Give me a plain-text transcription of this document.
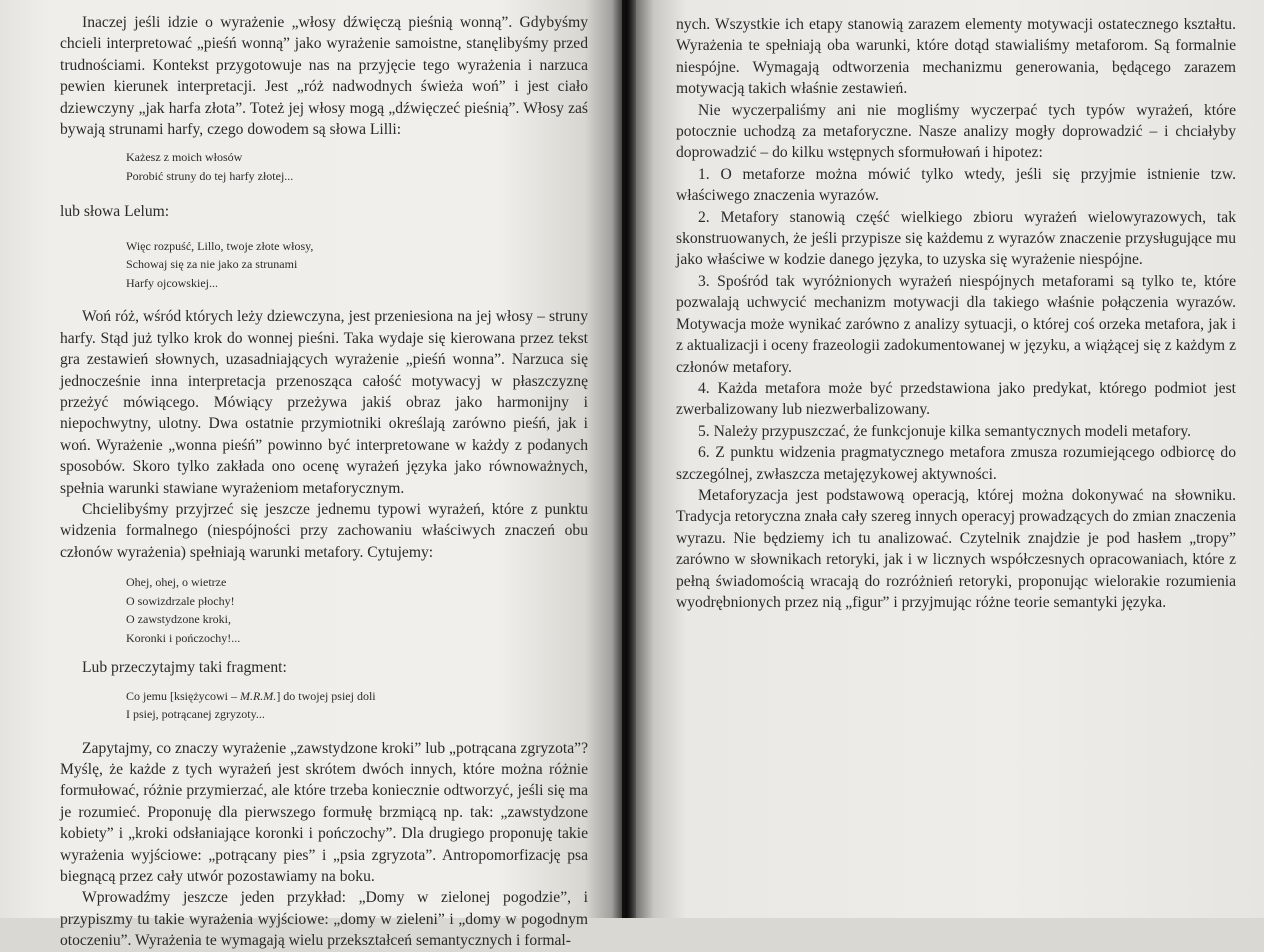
Inaczej jeśli idzie o wyrażenie „włosy dźwięczą pieśnią wonną”. Gdybyśmy chcieli interpretować „pieśń wonną” jako wyrażenie samoistne, stanęlibyśmy przed trudnościami. Kontekst przygotowuje nas na przyjęcie tego wyrażenia i narzuca pewien kierunek interpretacji. Jest „róż nadwodnych świeża woń” i jest ciało dziewczyny „jak harfa złota”. Toteż jej włosy mogą „dźwięczeć pieśnią”. Włosy zaś bywają strunami harfy, czego dowodem są słowa Lilli:

Każesz z moich włosów
Porobić struny do tej harfy złotej...
lub słowa Lelum:
Więc rozpuść, Lillo, twoje złote włosy,
Schowaj się za nie jako za strunami
Harfy ojcowskiej...

Woń róż, wśród których leży dziewczyna, jest przeniesiona na jej włosy – struny harfy. Stąd już tylko krok do wonnej pieśni. Taka wydaje się kierowana przez tekst gra zestawień słownych, uzasadniających wyrażenie „pieśń wonna”. Narzuca się jednocześnie inna interpretacja przenosząca całość motywacyj w płaszczyznę przeżyć mówiącego. Mówiący przeżywa jakiś obraz jako harmonijny i niepochwytny, ulotny. Dwa ostatnie przymiotniki określają zarówno pieśń, jak i woń. Wyrażenie „wonna pieśń” powinno być interpretowane w każdy z podanych sposobów. Skoro tylko zakłada ono ocenę wyrażeń języka jako równoważnych, spełnia warunki stawiane wyrażeniom metaforycznym.

Chcielibyśmy przyjrzeć się jeszcze jednemu typowi wyrażeń, które z punktu widzenia formalnego (niespójności przy zachowaniu właściwych znaczeń obu członów wyrażenia) spełniają warunki metafory. Cytujemy:

Ohej, ohej, o wietrze
O sowizdrzale płochy!
O zawstydzone kroki,
Koronki i pończochy!...
Lub przeczytajmy taki fragment:
Co jemu [księżycowi – M.R.M.] do twojej psiej doli
I psiej, potrącanej zgryzoty...

Zapytajmy, co znaczy wyrażenie „zawstydzone kroki” lub „potrącana zgryzota”? Myślę, że każde z tych wyrażeń jest skrótem dwóch innych, które można różnie formułować, różnie przymierzać, ale które trzeba koniecznie odtworzyć, jeśli się ma je rozumieć. Proponuję dla pierwszego formułę brzmiącą np. tak: „zawstydzone kobiety” i „kroki odsłaniające koronki i pończochy”. Dla drugiego proponuję takie wyrażenia wyjściowe: „potrącany pies” i „psia zgryzota”. Antropomorfizację psa biegnącą przez cały utwór pozostawiamy na boku.

Wprowadźmy jeszcze jeden przykład: „Domy w zielonej pogodzie”, i przypiszmy tu takie wyrażenia wyjściowe: „domy w zieleni” i „domy w pogodnym otoczeniu”. Wyrażenia te wymagają wielu przekształceń semantycznych i formal-

nych. Wszystkie ich etapy stanowią zarazem elementy motywacji ostatecznego kształtu. Wyrażenia te spełniają oba warunki, które dotąd stawialiśmy metaforom. Są formalnie niespójne. Wymagają odtworzenia mechanizmu generowania, będącego zarazem motywacją takich właśnie zestawień.

Nie wyczerpaliśmy ani nie mogliśmy wyczerpać tych typów wyrażeń, które potocznie uchodzą za metaforyczne. Nasze analizy mogły doprowadzić – i chciałyby doprowadzić – do kilku wstępnych sformułowań i hipotez:

1. O metaforze można mówić tylko wtedy, jeśli się przyjmie istnienie tzw. właściwego znaczenia wyrazów.

2. Metafory stanowią część wielkiego zbioru wyrażeń wielowyrazowych, tak skonstruowanych, że jeśli przypisze się każdemu z wyrazów znaczenie przysługujące mu jako właściwe w kodzie danego języka, to uzyska się wyrażenie niespójne.

3. Spośród tak wyróżnionych wyrażeń niespójnych metaforami są tylko te, które pozwalają uchwycić mechanizm motywacji dla takiego właśnie połączenia wyrazów. Motywacja może wynikać zarówno z analizy sytuacji, o której coś orzeka metafora, jak i z aktualizacji i oceny frazeologii zadokumentowanej w języku, a wiążącej się z każdym z członów metafory.

4. Każda metafora może być przedstawiona jako predykat, którego podmiot jest zwerbalizowany lub niezwerbalizowany.

5. Należy przypuszczać, że funkcjonuje kilka semantycznych modeli metafory.

6. Z punktu widzenia pragmatycznego metafora zmusza rozumiejącego odbiorcę do szczególnej, zwłaszcza metajęzykowej aktywności.

Metaforyzacja jest podstawową operacją, której można dokonywać na słowniku. Tradycja retoryczna znała cały szereg innych operacyj prowadzących do zmian znaczenia wyrazu. Nie będziemy ich tu analizować. Czytelnik znajdzie je pod hasłem „tropy” zarówno w słownikach retoryki, jak i w licznych współczesnych opracowaniach, które z pełną świadomością wracają do rozróżnień retoryki, proponując wielorakie rozumienia wyodrębnionych przez nią „figur” i przyjmując różne teorie semantyki języka.
